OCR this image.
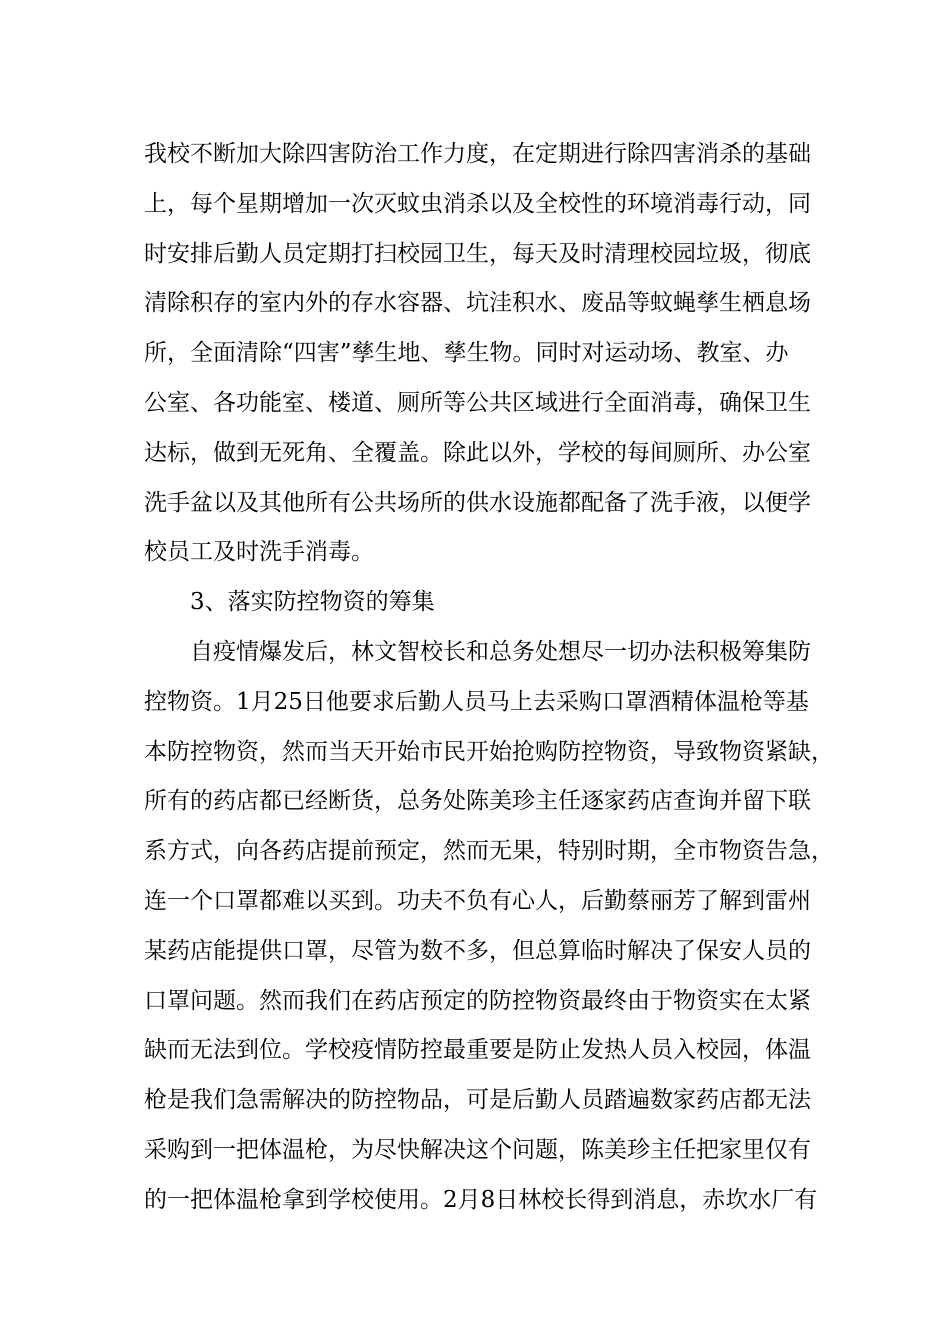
我校不断加大除四害防治工作力度，在定期进行除四害消杀的基础
上，每个星期增加一次灭蚊虫消杀以及全校性的环境消毒行动，同
时安排后勤人员定期打扫校园卫生，每天及时清理校园垃圾，彻底
清除积存的室内外的存水容器、坑洼积水、废品等蚊蝇孳生栖息场
所，全面清除“四害”孳生地、孳生物。同时对运动场、教室、办
公室、各功能室、楼道、厕所等公共区域进行全面消毒，确保卫生
达标，做到无死角、全覆盖。除此以外，学校的每间厕所、办公室
洗手盆以及其他所有公共场所的供水设施都配备了洗手液，以便学
校员工及时洗手消毒。
3、落实防控物资的筹集
自疫情爆发后，林文智校长和总务处想尽一切办法积极筹集防
控物资。1月25日他要求后勤人员马上去采购口罩酒精体温枪等基
本防控物资，然而当天开始市民开始抢购防控物资，导致物资紧缺，
所有的药店都已经断货，总务处陈美珍主任逐家药店查询并留下联
系方式，向各药店提前预定，然而无果，特别时期，全市物资告急，
连一个口罩都难以买到。功夫不负有心人，后勤蔡丽芳了解到雷州
某药店能提供口罩，尽管为数不多，但总算临时解决了保安人员的
口罩问题。然而我们在药店预定的防控物资最终由于物资实在太紧
缺而无法到位。学校疫情防控最重要是防止发热人员入校园，体温
枪是我们急需解决的防控物品，可是后勤人员踏遍数家药店都无法
采购到一把体温枪，为尽快解决这个问题，陈美珍主任把家里仅有
的一把体温枪拿到学校使用。2月8日林校长得到消息，赤坎水厂有
